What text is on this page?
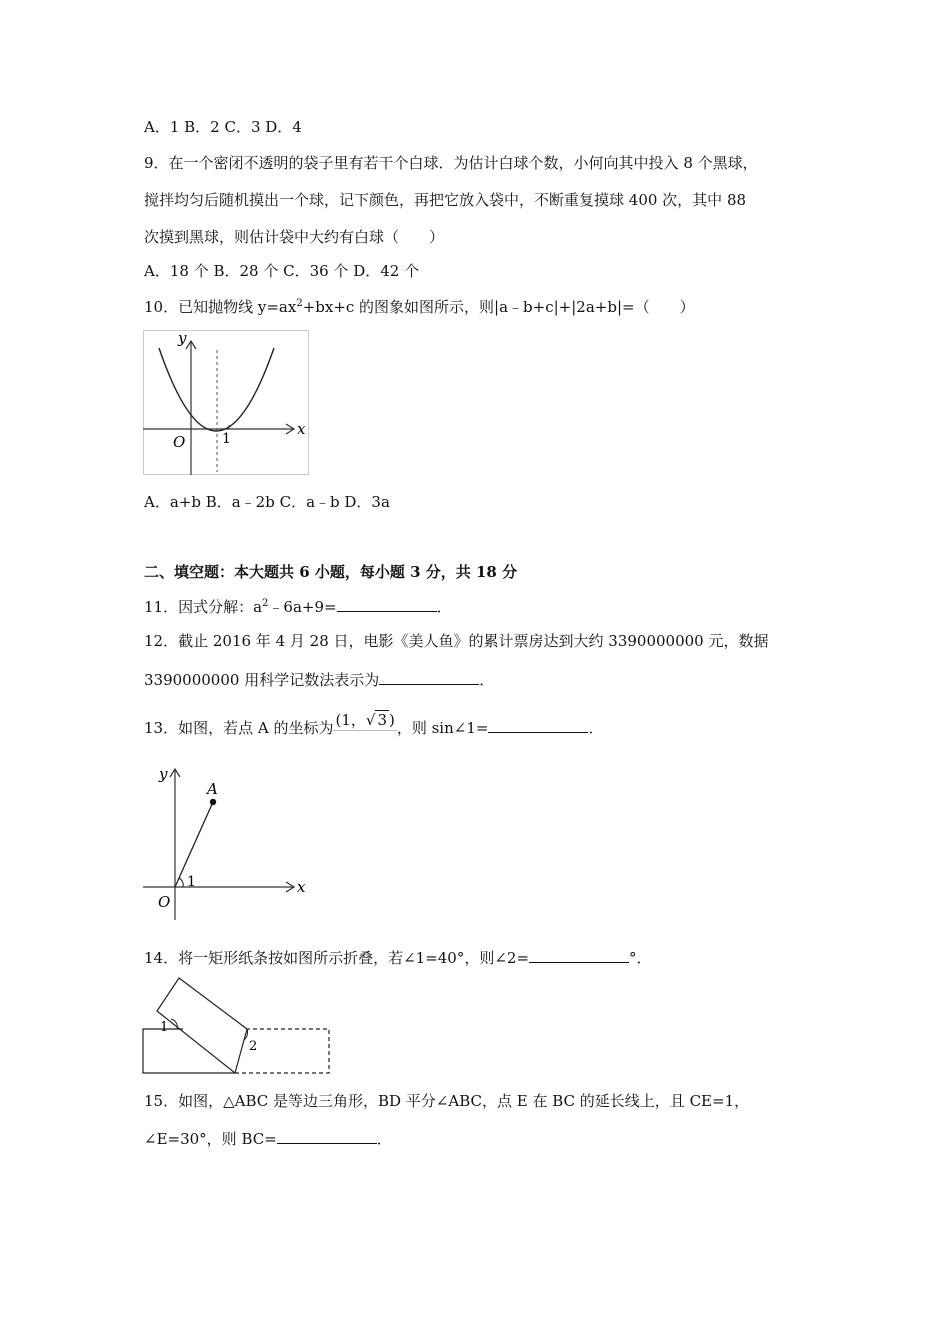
A．1 B．2 C．3 D．4
9．在一个密闭不透明的袋子里有若干个白球．为估计白球个数，小何向其中投入 8 个黑球，
搅拌均匀后随机摸出一个球，记下颜色，再把它放入袋中，不断重复摸球 400 次，其中 88
次摸到黑球，则估计袋中大约有白球（　　）
A．18 个 B．28 个 C．36 个 D．42 个
10．已知抛物线 $y=ax^2+bx+c$ 的图象如图所示，则|a﹣b+c|+|2a+b|=（　　）
y
x
O	1
A．a+b B．a﹣2b C．a﹣b D．3a
二、填空题：本大题共 6 小题，每小题 3 分，共 18 分
11．因式分解：$a^2﹣6a+9=$	．
12．截止 2016 年 4 月 28 日，电影《美人鱼》的累计票房达到大约 3390000000 元，数据
3390000000 用科学记数法表示为	．
13．如图，若点 A 的坐标为 (1，√ 3 ) ，则 sin∠1=	．
y
x
O
A
1
14．将一矩形纸条按如图所示折叠，若∠1=40°，则∠2=	°．
1
2
15．如图，△ABC 是等边三角形，BD 平分∠ABC，点 E 在 BC 的延长线上，且 CE=1，
∠E=30°，则 BC=	．
